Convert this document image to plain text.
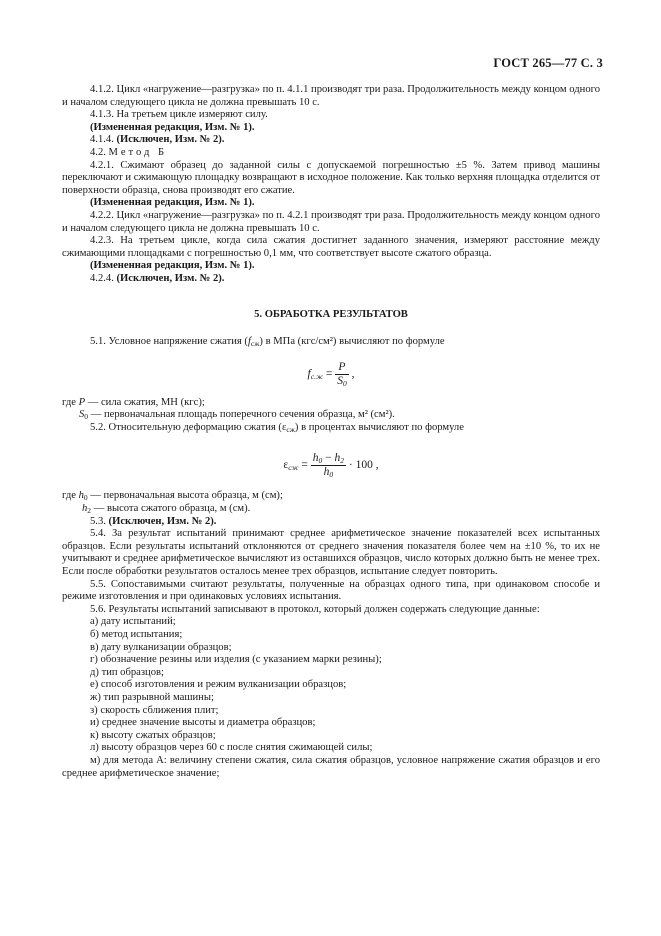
ГОСТ 265—77 С. 3

4.1.2. Цикл «нагружение—разгрузка» по п. 4.1.1 производят три раза. Продолжительность между концом одного и началом следующего цикла не должна превышать 10 с.

4.1.3. На третьем цикле измеряют силу.

(Измененная редакция, Изм. № 1).

4.1.4. (Исключен, Изм. № 2).

4.2. Метод Б

4.2.1. Сжимают образец до заданной силы с допускаемой погрешностью ±5 %. Затем привод машины переключают и сжимающую площадку возвращают в исходное положение. Как только верхняя площадка отделится от поверхности образца, снова производят его сжатие.

(Измененная редакция, Изм. № 1).

4.2.2. Цикл «нагружение—разгрузка» по п. 4.2.1 производят три раза. Продолжительность между концом одного и началом следующего цикла не должна превышать 10 с.

4.2.3. На третьем цикле, когда сила сжатия достигнет заданного значения, измеряют расстояние между сжимающими площадками с погрешностью 0,1 мм, что соответствует высоте сжатого образца.

(Измененная редакция, Изм. № 1).

4.2.4. (Исключен, Изм. № 2).

5. ОБРАБОТКА РЕЗУЛЬТАТОВ

5.1. Условное напряжение сжатия $(f_{сж})$ в МПа (кгс/см²) вычисляют по формуле

$f_{с.ж} = \frac{P}{S_0}$ ,

где P — сила сжатия, МН (кгс);

$S_0$ — первоначальная площадь поперечного сечения образца, м² (см²).

5.2. Относительную деформацию сжатия $(\varepsilon_{сж})$ в процентах вычисляют по формуле

$\varepsilon_{сж} = \frac{h_0 - h_2}{h_0} \cdot 100$ ,

где $h_0$ — первоначальная высота образца, м (см);

$h_2$ — высота сжатого образца, м (см).

5.3. (Исключен, Изм. № 2).

5.4. За результат испытаний принимают среднее арифметическое значение показателей всех испытанных образцов. Если результаты испытаний отклоняются от среднего значения показателя более чем на ±10 %, то их не учитывают и среднее арифметическое вычисляют из оставшихся образцов, число которых должно быть не менее трех. Если после обработки результатов осталось менее трех образцов, испытание следует повторить.

5.5. Сопоставимыми считают результаты, полученные на образцах одного типа, при одинаковом способе и режиме изготовления и при одинаковых условиях испытания.

5.6. Результаты испытаний записывают в протокол, который должен содержать следующие данные:

а) дату испытаний;

б) метод испытания;

в) дату вулканизации образцов;

г) обозначение резины или изделия (с указанием марки резины);

д) тип образцов;

е) способ изготовления и режим вулканизации образцов;

ж) тип разрывной машины;

з) скорость сближения плит;

и) среднее значение высоты и диаметра образцов;

к) высоту сжатых образцов;

л) высоту образцов через 60 с после снятия сжимающей силы;

м) для метода А: величину степени сжатия, сила сжатия образцов, условное напряжение сжатия образцов и его среднее арифметическое значение;
